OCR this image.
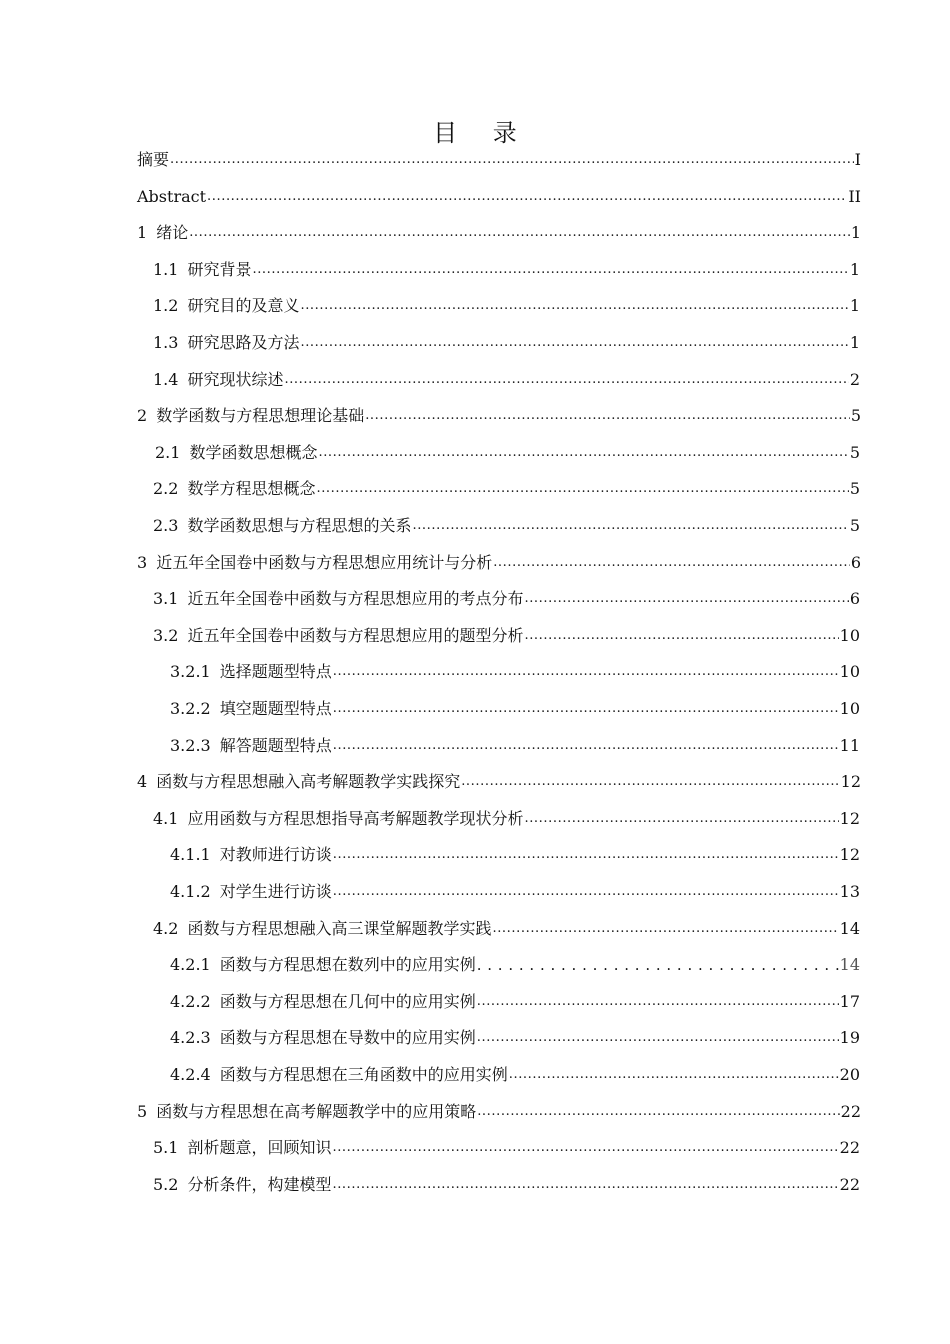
目 录
摘要 .....	I
Abstract .....	II
1 绪论 .....	1
1.1 研究背景 .....	1
1.2 研究目的及意义 .....	1
1.3 研究思路及方法 .....	1
1.4 研究现状综述 .....	2
2 数学函数与方程思想理论基础 .....	5
2.1 数学函数思想概念 .....	5
2.2 数学方程思想概念 .....	5
2.3 数学函数思想与方程思想的关系 .....	5
3 近五年全国卷中函数与方程思想应用统计与分析 .....	6
3.1 近五年全国卷中函数与方程思想应用的考点分布 .....	6
3.2 近五年全国卷中函数与方程思想应用的题型分析 .....	10
3.2.1 选择题题型特点 .....	10
3.2.2 填空题题型特点 .....	10
3.2.3 解答题题型特点 .....	11
4 函数与方程思想融入高考解题教学实践探究 .....	12
4.1 应用函数与方程思想指导高考解题教学现状分析 .....	12
4.1.1 对教师进行访谈 .....	12
4.1.2 对学生进行访谈 .....	13
4.2 函数与方程思想融入高三课堂解题教学实践 .....	14
4.2.1 函数与方程思想在数列中的应用实例 . . .	14
4.2.2 函数与方程思想在几何中的应用实例 .....	17
4.2.3 函数与方程思想在导数中的应用实例 .....	19
4.2.4 函数与方程思想在三角函数中的应用实例 .....	20
5 函数与方程思想在高考解题教学中的应用策略 .....	22
5.1 剖析题意，回顾知识 .....	22
5.2 分析条件，构建模型 .....	22
